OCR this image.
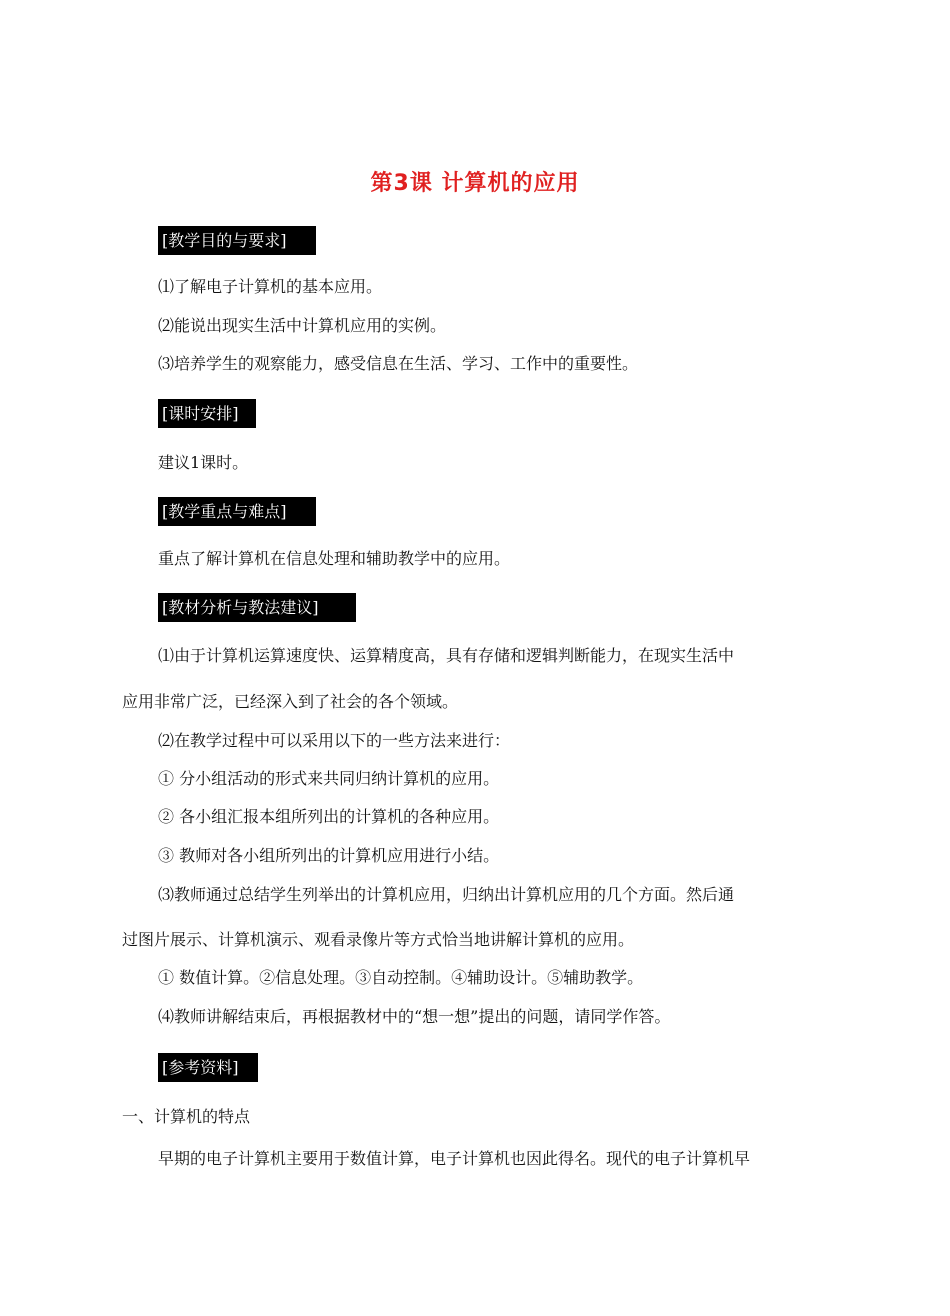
第3课 计算机的应用
[教学目的与要求]
⑴了解电子计算机的基本应用。
⑵能说出现实生活中计算机应用的实例。
⑶培养学生的观察能力，感受信息在生活、学习、工作中的重要性。
[课时安排]
建议1课时。
[教学重点与难点]
重点了解计算机在信息处理和辅助教学中的应用。
[教材分析与教法建议]
⑴由于计算机运算速度快、运算精度高，具有存储和逻辑判断能力，在现实生活中
应用非常广泛，已经深入到了社会的各个领域。
⑵在教学过程中可以采用以下的一些方法来进行：
① 分小组活动的形式来共同归纳计算机的应用。
② 各小组汇报本组所列出的计算机的各种应用。
③ 教师对各小组所列出的计算机应用进行小结。
⑶教师通过总结学生列举出的计算机应用，归纳出计算机应用的几个方面。然后通
过图片展示、计算机演示、观看录像片等方式恰当地讲解计算机的应用。
① 数值计算。②信息处理。③自动控制。④辅助设计。⑤辅助教学。
⑷教师讲解结束后，再根据教材中的“想一想”提出的问题，请同学作答。
[参考资料]
一、计算机的特点
早期的电子计算机主要用于数值计算，电子计算机也因此得名。现代的电子计算机早
